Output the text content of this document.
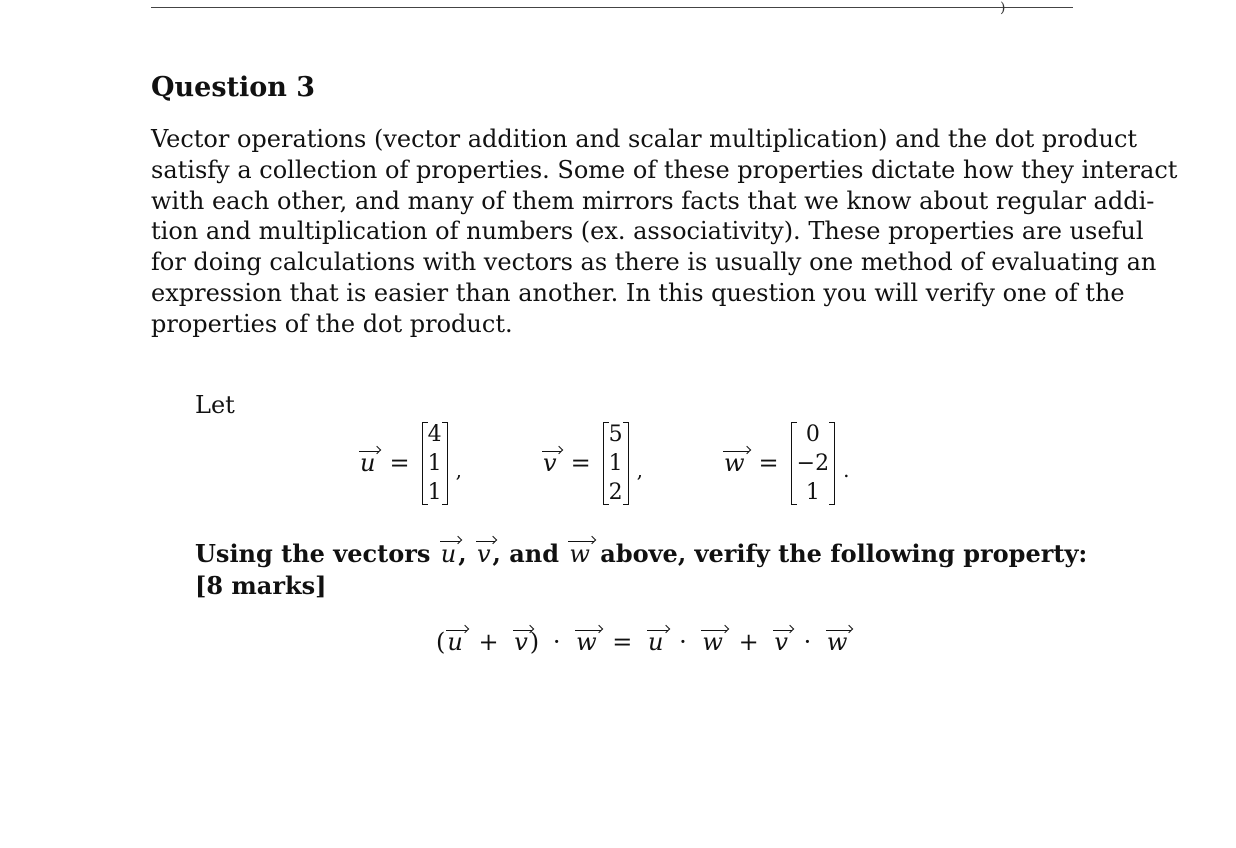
)
Question 3
Vector operations (vector addition and scalar multiplication) and the dot product
satisfy a collection of properties. Some of these properties dictate how they interact
with each other, and many of them mirrors facts that we know about regular addi-
tion and multiplication of numbers (ex. associativity). These properties are useful
for doing calculations with vectors as there is usually one method of evaluating an
expression that is easier than another. In this question you will verify one of the
properties of the dot product.
Let
u =
4
1
1
,	v =
5
1
2
,	w =
0
−2
1
.
Using the vectors u, v, and w above, verify the following property:
[8 marks]
(u + v) · w = u · w + v · w
